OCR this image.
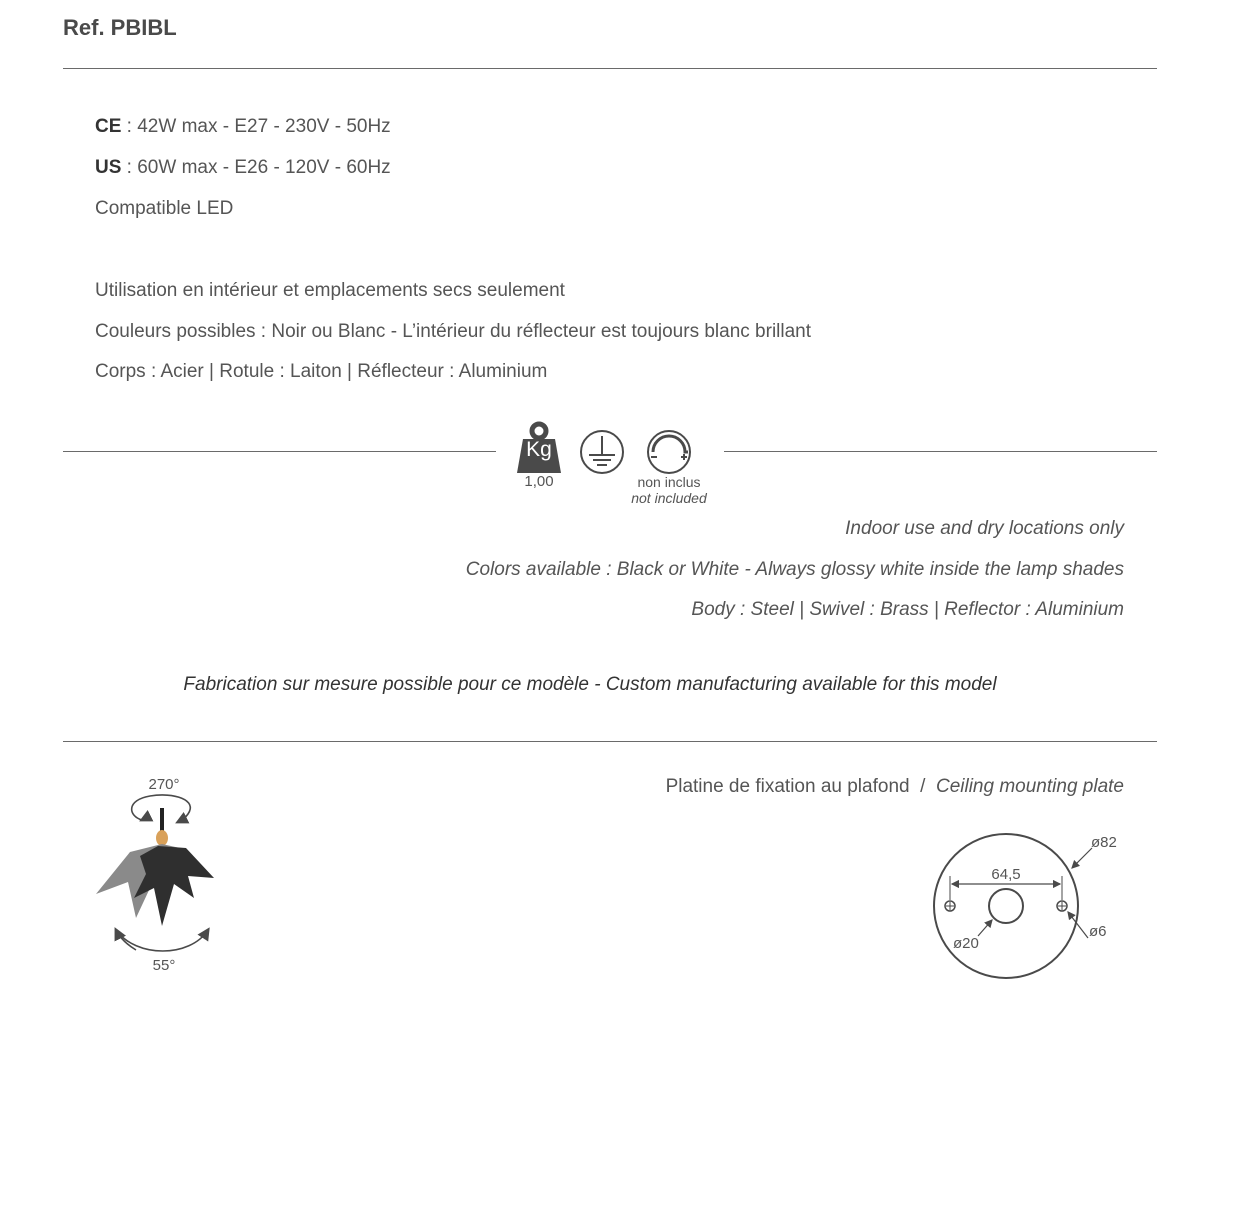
Ref. PBIBL
CE : 42W max - E27 - 230V - 50Hz
US : 60W max - E26 - 120V - 60Hz
Compatible LED
Utilisation en intérieur et emplacements secs seulement
Couleurs possibles : Noir ou Blanc - L’intérieur du réflecteur est toujours blanc brillant
Corps : Acier | Rotule : Laiton | Réflecteur : Aluminium
Kg
1,00	non inclus
not included
Indoor use and dry locations only
Colors available : Black or White - Always glossy white inside the lamp shades
Body : Steel | Swivel : Brass | Reflector : Aluminium
Fabrication sur mesure possible pour ce modèle - Custom manufacturing available for this model
270°
55°
Platine de fixation au plafond  /  Ceiling mounting plate
ø82
64,5
ø6
ø20
